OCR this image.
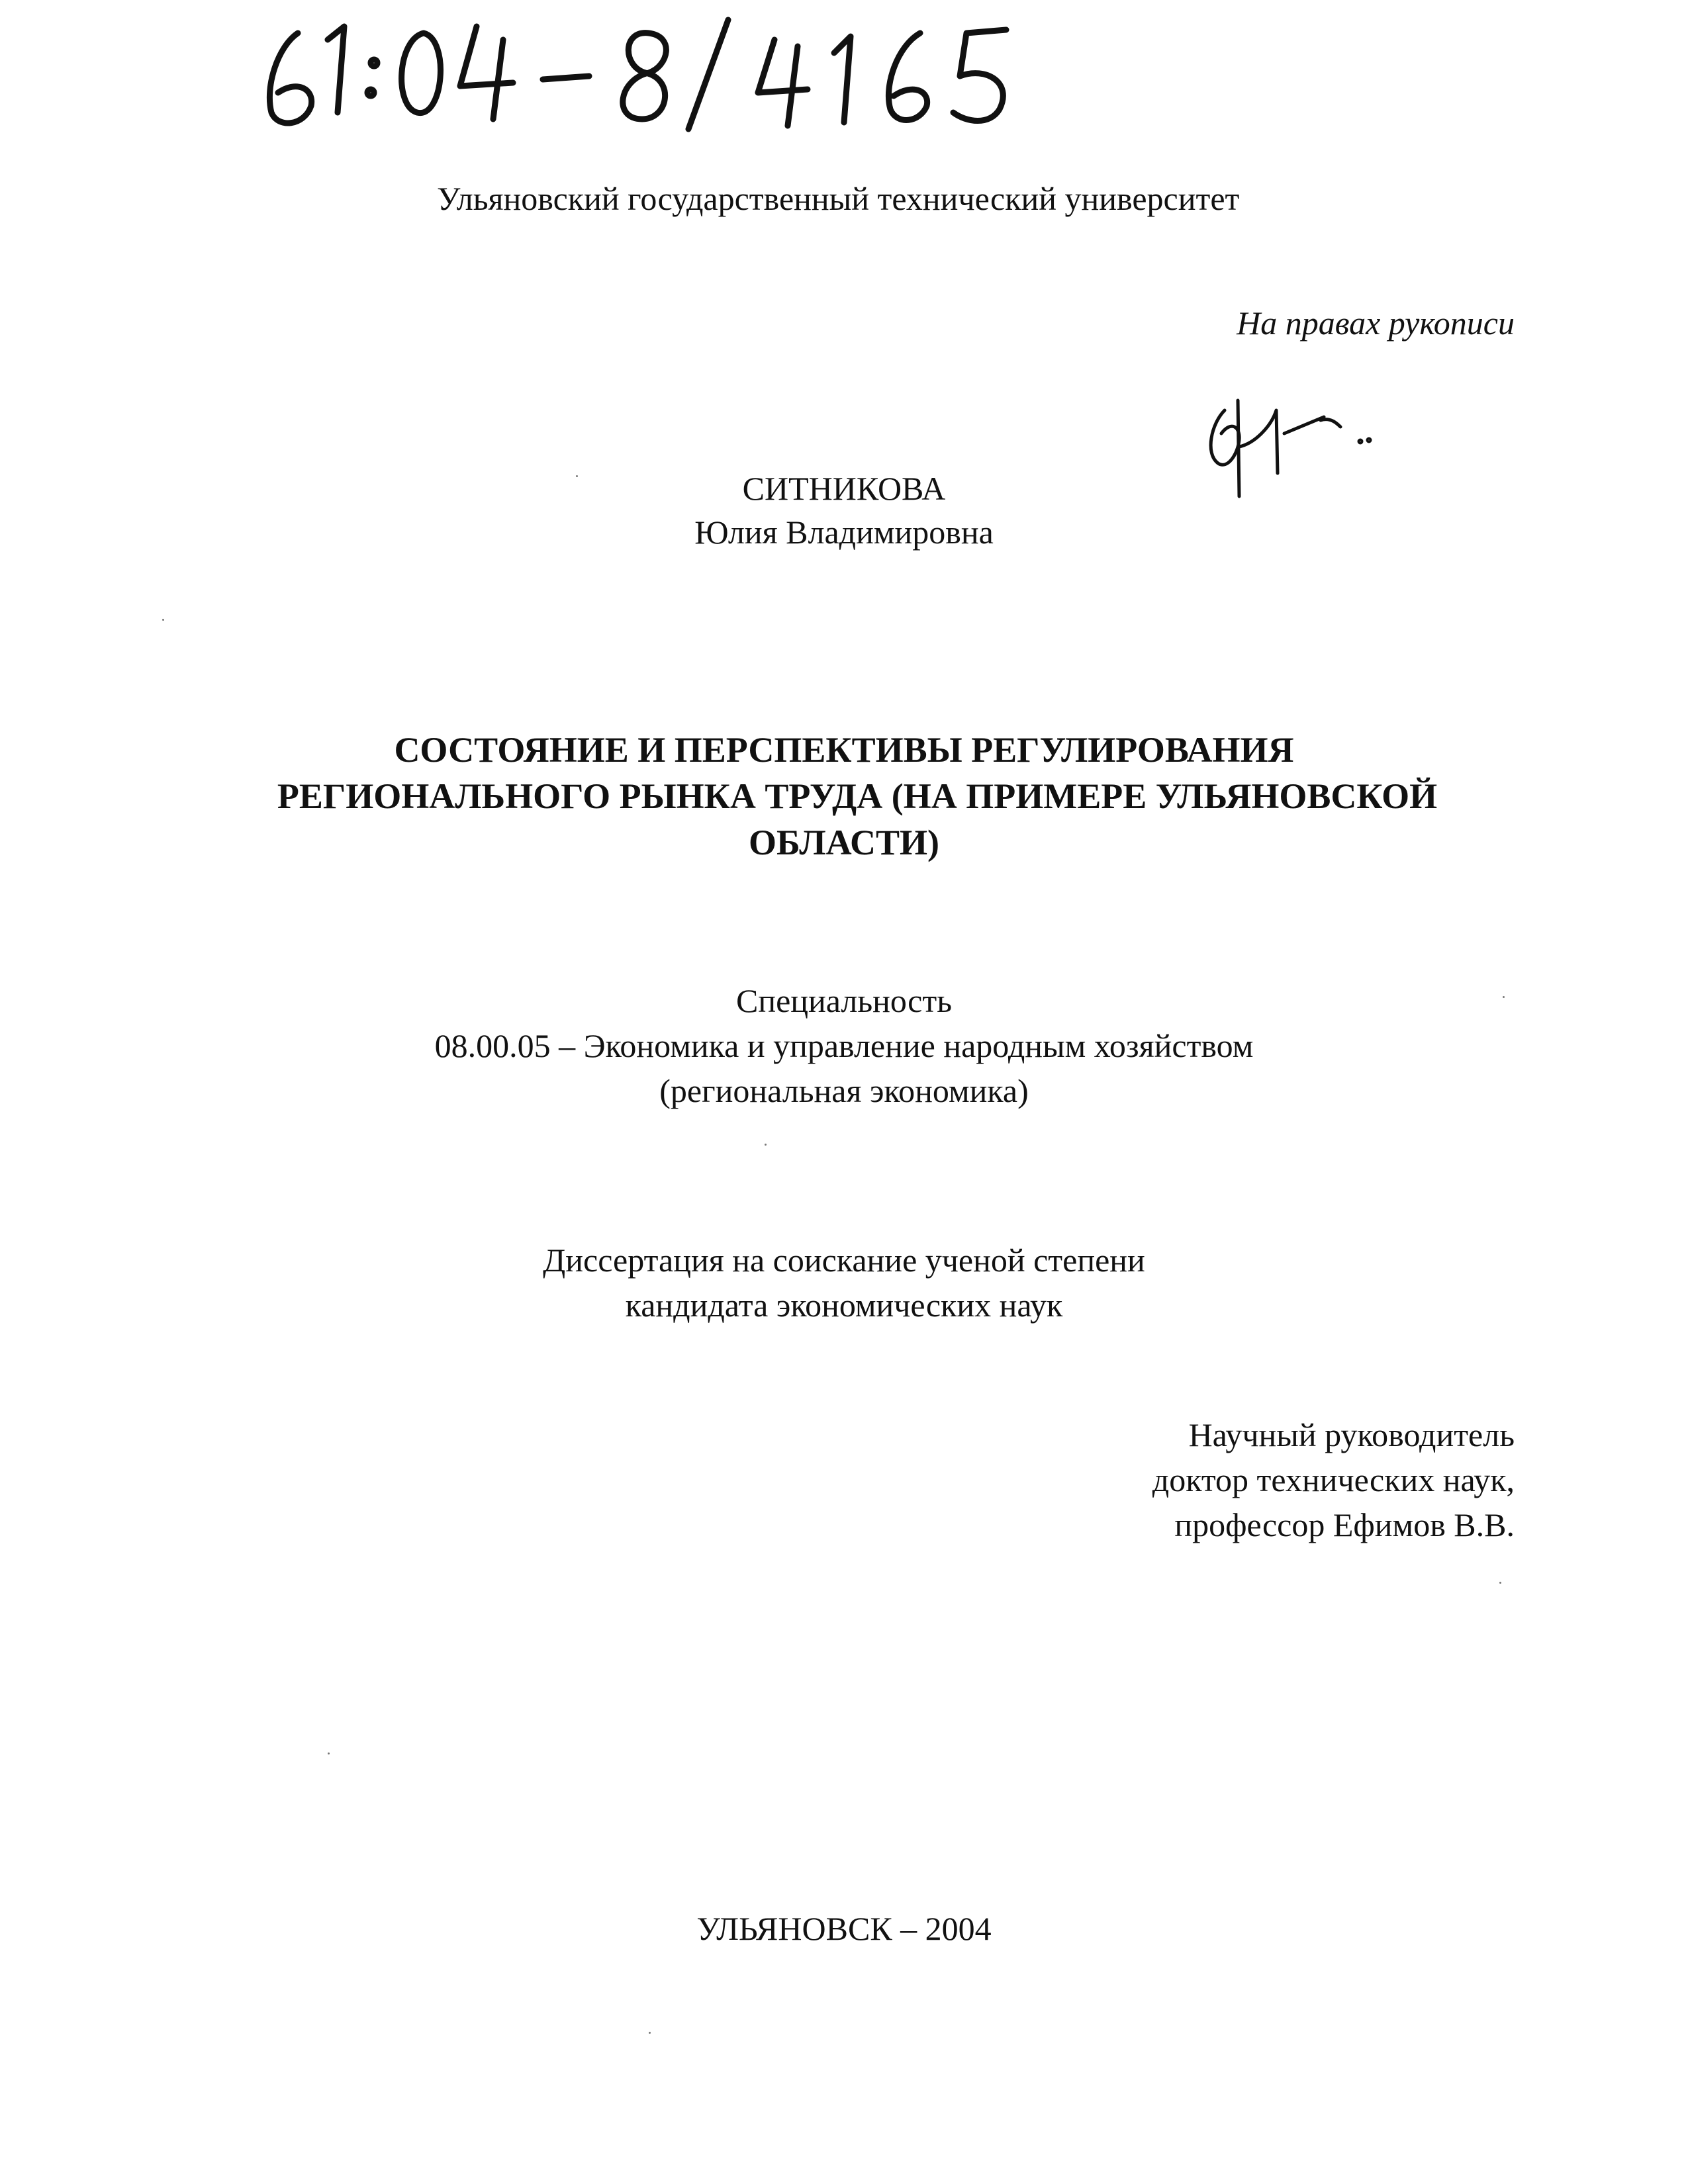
Ульяновский государственный технический университет
На правах рукописи
СИТНИКОВА
Юлия Владимировна
СОСТОЯНИЕ И ПЕРСПЕКТИВЫ РЕГУЛИРОВАНИЯ
РЕГИОНАЛЬНОГО РЫНКА ТРУДА (НА ПРИМЕРЕ УЛЬЯНОВСКОЙ
ОБЛАСТИ)
Специальность
08.00.05 – Экономика и управление народным хозяйством
(региональная экономика)
Диссертация на соискание ученой степени
кандидата экономических наук
Научный руководитель
доктор технических наук,
профессор Ефимов В.В.
УЛЬЯНОВСК – 2004
